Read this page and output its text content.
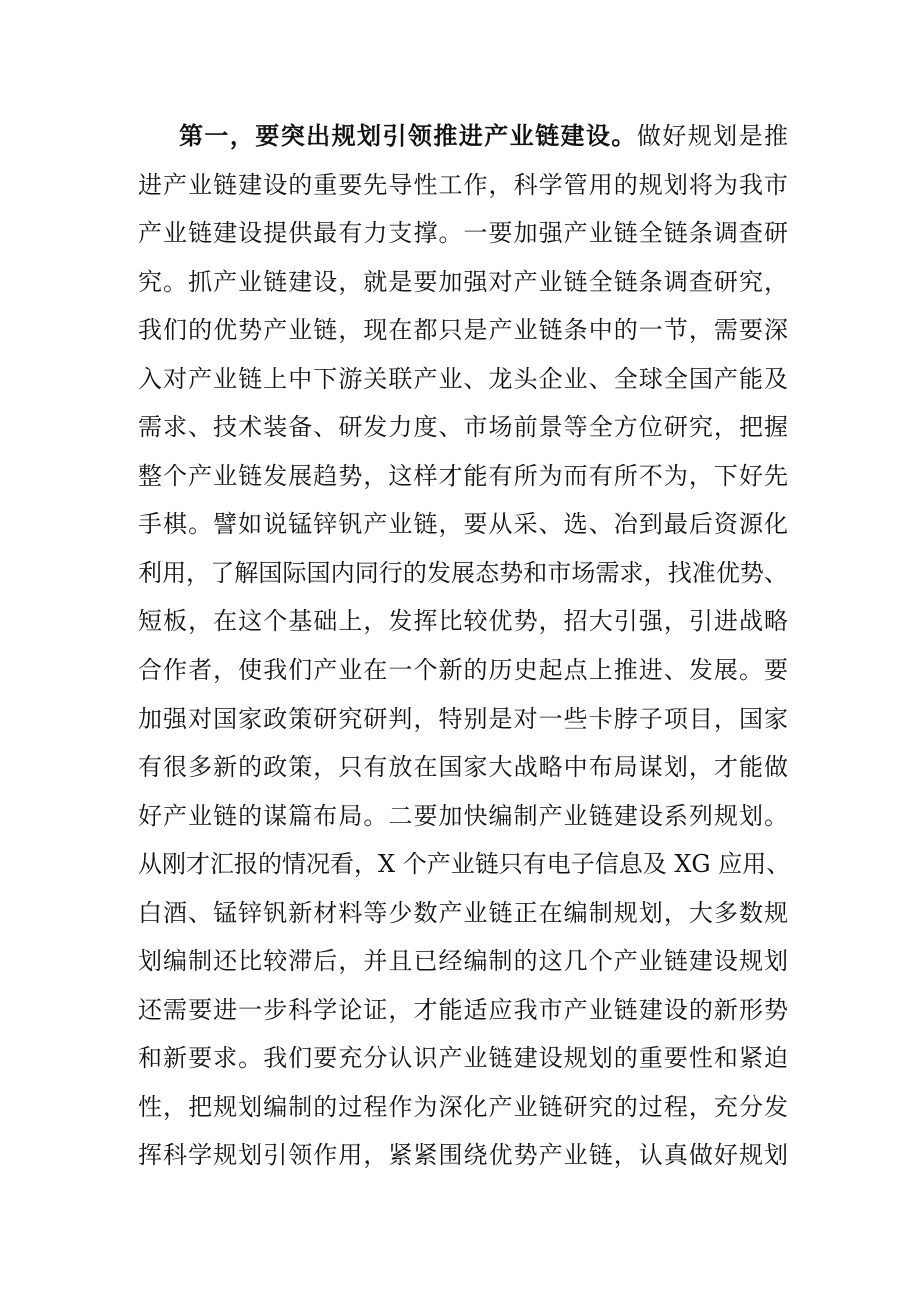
第一，要突出规划引领推进产业链建设。做好规划是推
进产业链建设的重要先导性工作，科学管用的规划将为我市
产业链建设提供最有力支撑。一要加强产业链全链条调查研
究。抓产业链建设，就是要加强对产业链全链条调查研究，
我们的优势产业链，现在都只是产业链条中的一节，需要深
入对产业链上中下游关联产业、龙头企业、全球全国产能及
需求、技术装备、研发力度、市场前景等全方位研究，把握
整个产业链发展趋势，这样才能有所为而有所不为，下好先
手棋。譬如说锰锌钒产业链，要从采、选、冶到最后资源化
利用，了解国际国内同行的发展态势和市场需求，找准优势、
短板，在这个基础上，发挥比较优势，招大引强，引进战略
合作者，使我们产业在一个新的历史起点上推进、发展。要
加强对国家政策研究研判，特别是对一些卡脖子项目，国家
有很多新的政策，只有放在国家大战略中布局谋划，才能做
好产业链的谋篇布局。二要加快编制产业链建设系列规划。
从刚才汇报的情况看，X 个产业链只有电子信息及 XG 应用、
白酒、锰锌钒新材料等少数产业链正在编制规划，大多数规
划编制还比较滞后，并且已经编制的这几个产业链建设规划
还需要进一步科学论证，才能适应我市产业链建设的新形势
和新要求。我们要充分认识产业链建设规划的重要性和紧迫
性，把规划编制的过程作为深化产业链研究的过程，充分发
挥科学规划引领作用，紧紧围绕优势产业链，认真做好规划
